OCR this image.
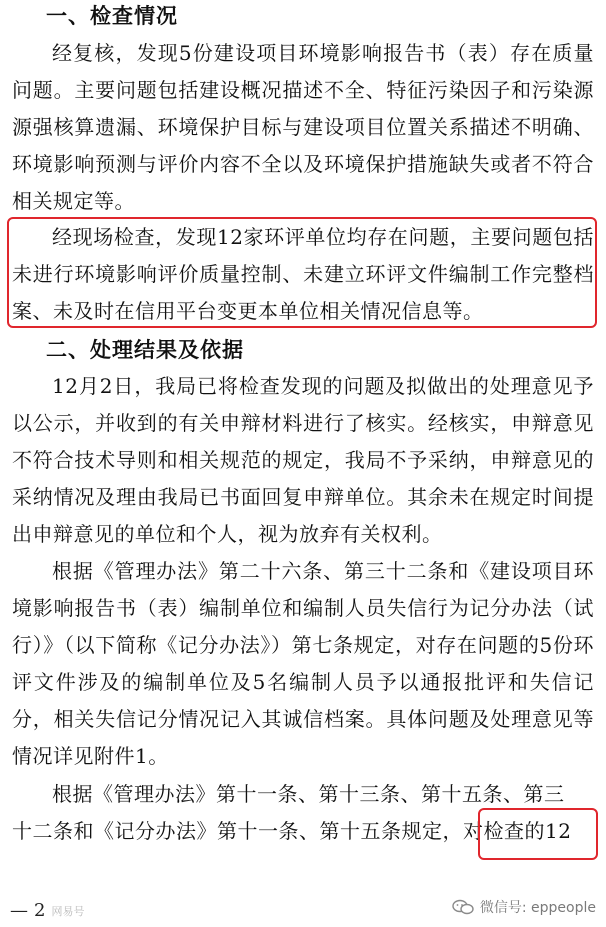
一、检查情况
经复核，发现5份建设项目环境影响报告书（表）存在质量问题。主要问题包括建设概况描述不全、特征污染因子和污染源源强核算遗漏、环境保护目标与建设项目位置关系描述不明确、环境影响预测与评价内容不全以及环境保护措施缺失或者不符合相关规定等。
经现场检查，发现12家环评单位均存在问题，主要问题包括未进行环境影响评价质量控制、未建立环评文件编制工作完整档案、未及时在信用平台变更本单位相关情况信息等。
二、处理结果及依据
12月2日，我局已将检查发现的问题及拟做出的处理意见予以公示，并收到的有关申辩材料进行了核实。经核实，申辩意见不符合技术导则和相关规范的规定，我局不予采纳，申辩意见的采纳情况及理由我局已书面回复申辩单位。其余未在规定时间提出申辩意见的单位和个人，视为放弃有关权利。
根据《管理办法》第二十六条、第三十二条和《建设项目环境影响报告书（表）编制单位和编制人员失信行为记分办法（试行）》（以下简称《记分办法》）第七条规定，对存在问题的5份环评文件涉及的编制单位及5名编制人员予以通报批评和失信记分，相关失信记分情况记入其诚信档案。具体问题及处理意见等情况详见附件1。
根据《管理办法》第十一条、第十三条、第十五条、第三
十二条和《记分办法》第十一条、第十五条规定，对检查的12
— 2 网易号	微信号: eppeople
